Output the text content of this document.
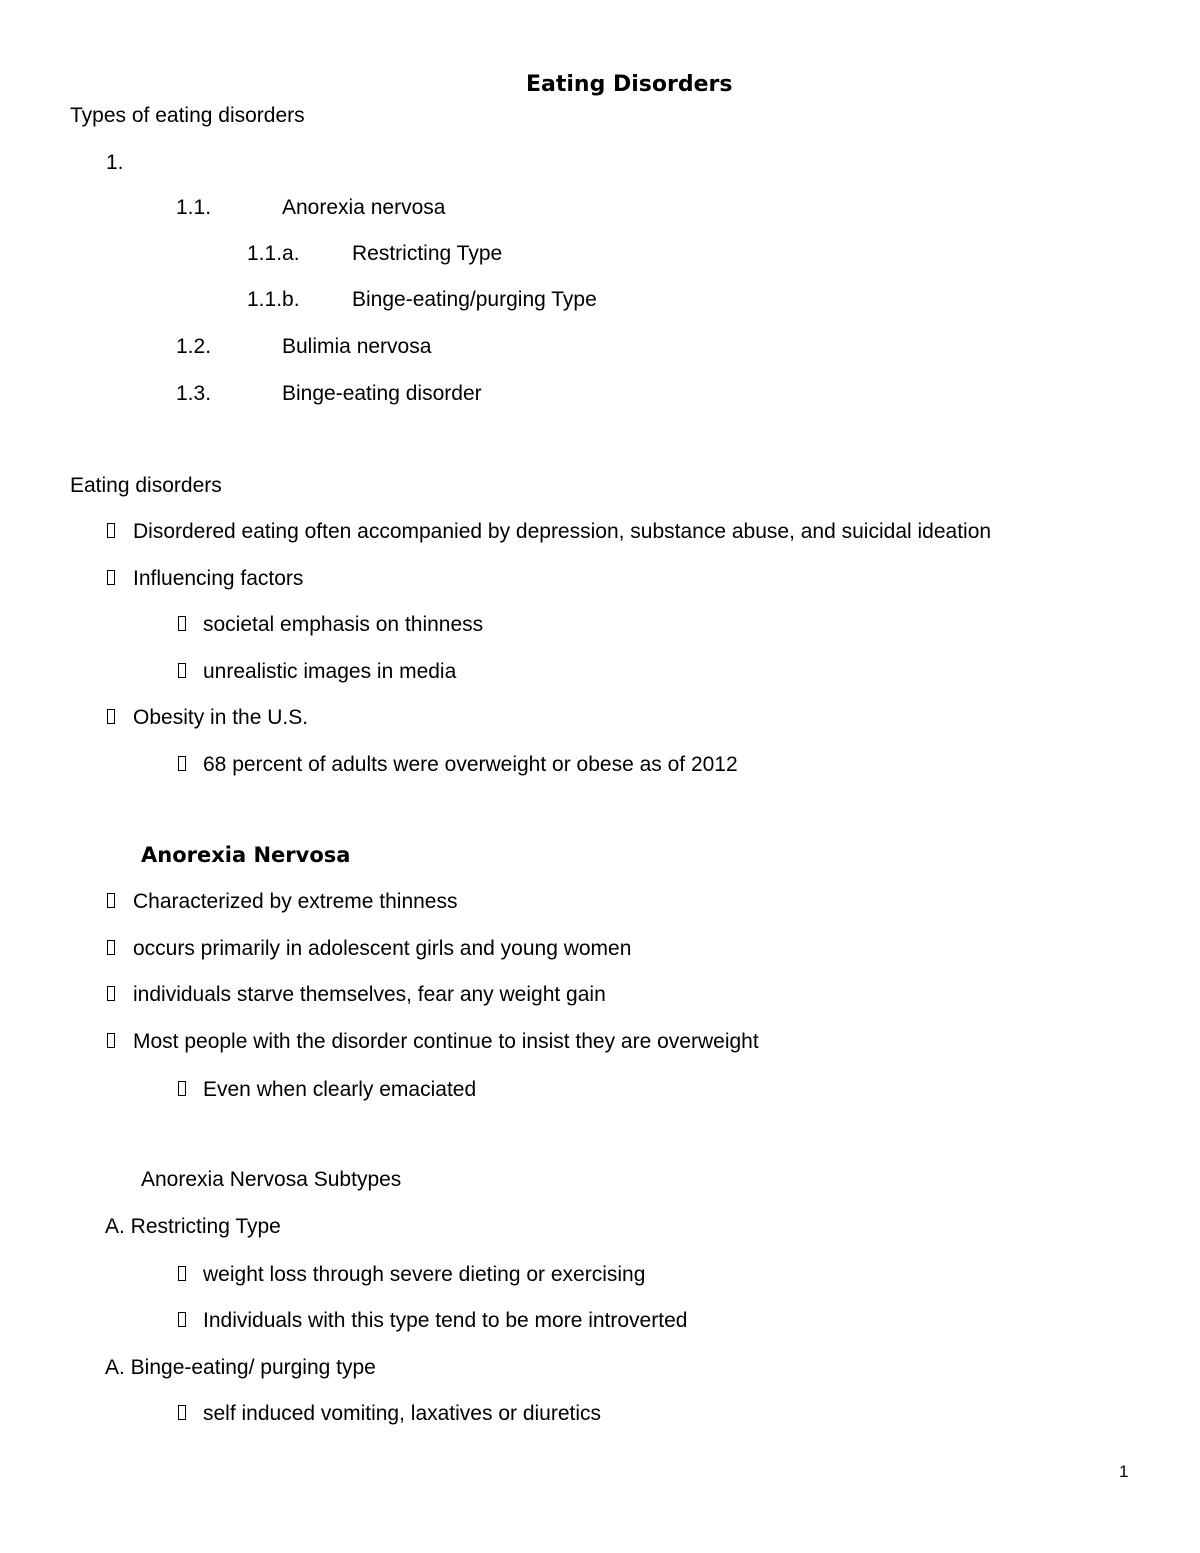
Eating Disorders
Types of eating disorders
1.
1.1.	Anorexia nervosa
1.1.a. Restricting Type
1.1.b. Binge-eating/purging Type
1.2.	Bulimia nervosa
1.3.	Binge-eating disorder
Eating disorders
Disordered eating often accompanied by depression, substance abuse, and suicidal ideation
Influencing factors
societal emphasis on thinness
unrealistic images in media
Obesity in the U.S.
68 percent of adults were overweight or obese as of 2012
Anorexia Nervosa
Characterized by extreme thinness
occurs primarily in adolescent girls and young women
individuals starve themselves, fear any weight gain
Most people with the disorder continue to insist they are overweight
Even when clearly emaciated
Anorexia Nervosa Subtypes
A. Restricting Type
weight loss through severe dieting or exercising
Individuals with this type tend to be more introverted
A. Binge-eating/ purging type
self induced vomiting, laxatives or diuretics
1
